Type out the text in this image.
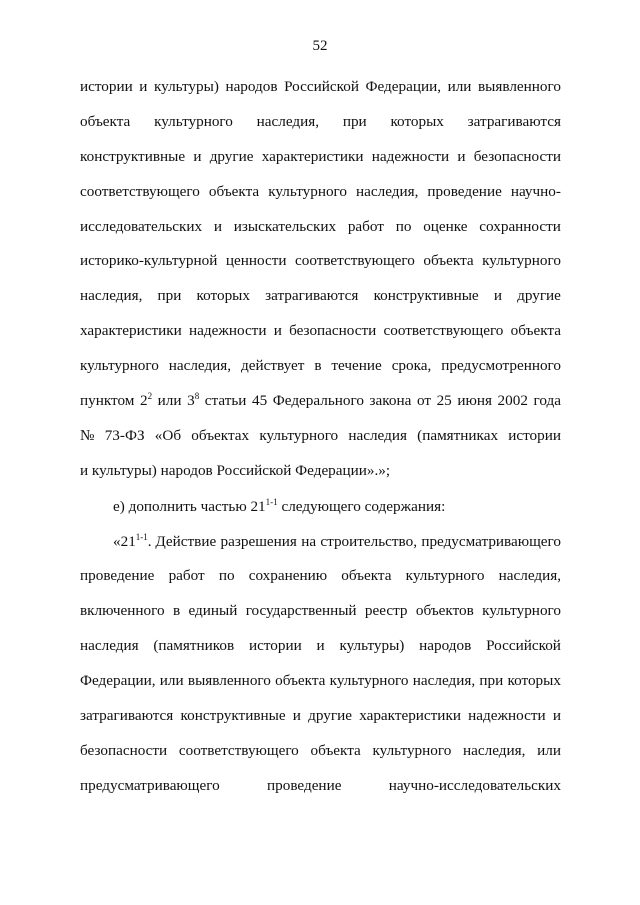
52
истории и культуры) народов Российской Федерации, или выявленного
объекта культурного наследия, при которых затрагиваются
конструктивные и другие характеристики надежности и безопасности
соответствующего объекта культурного наследия, проведение научно-
исследовательских и изыскательских работ по оценке сохранности
историко-культурной ценности соответствующего объекта культурного
наследия, при которых затрагиваются конструктивные и другие
характеристики надежности и безопасности соответствующего объекта
культурного наследия, действует в течение срока, предусмотренного
пунктом $2^2$ или $3^8$ статьи 45 Федерального закона от 25 июня 2002 года
№ 73-ФЗ «Об объектах культурного наследия (памятниках истории
и культуры) народов Российской Федерации».»;
е) дополнить частью 21$^{1-1}$ следующего содержания:
«21$^{1-1}$. Действие разрешения на строительство, предусматривающего
проведение работ по сохранению объекта культурного наследия,
включенного в единый государственный реестр объектов культурного
наследия (памятников истории и культуры) народов Российской
Федерации, или выявленного объекта культурного наследия, при которых
затрагиваются конструктивные и другие характеристики надежности и
безопасности соответствующего объекта культурного наследия, или
предусматривающего	проведение	научно-исследовательских
